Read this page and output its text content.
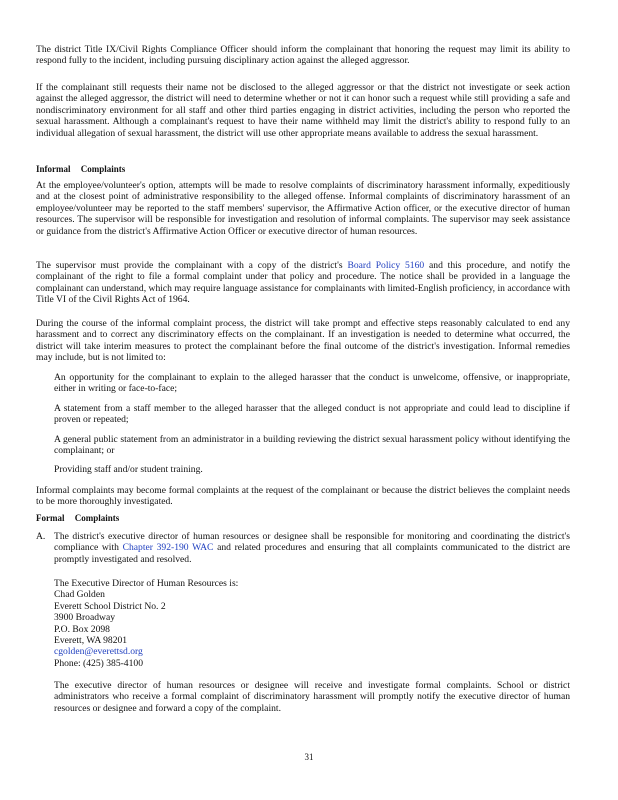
The district Title IX/Civil Rights Compliance Officer should inform the complainant that honoring the request may limit its ability to respond fully to the incident, including pursuing disciplinary action against the alleged aggressor.

If the complainant still requests their name not be disclosed to the alleged aggressor or that the district not investigate or seek action against the alleged aggressor, the district will need to determine whether or not it can honor such a request while still providing a safe and nondiscriminatory environment for all staff and other third parties engaging in district activities, including the person who reported the sexual harassment. Although a complainant's request to have their name withheld may limit the district's ability to respond fully to an individual allegation of sexual harassment, the district will use other appropriate means available to address the sexual harassment.

Informal Complaints

At the employee/volunteer's option, attempts will be made to resolve complaints of discriminatory harassment informally, expeditiously and at the closest point of administrative responsibility to the alleged offense. Informal complaints of discriminatory harassment of an employee/volunteer may be reported to the staff members' supervisor, the Affirmative Action officer, or the executive director of human resources. The supervisor will be responsible for investigation and resolution of informal complaints. The supervisor may seek assistance or guidance from the district's Affirmative Action Officer or executive director of human resources.

The supervisor must provide the complainant with a copy of the district's Board Policy 5160 and this procedure, and notify the complainant of the right to file a formal complaint under that policy and procedure. The notice shall be provided in a language the complainant can understand, which may require language assistance for complainants with limited-English proficiency, in accordance with Title VI of the Civil Rights Act of 1964.

During the course of the informal complaint process, the district will take prompt and effective steps reasonably calculated to end any harassment and to correct any discriminatory effects on the complainant. If an investigation is needed to determine what occurred, the district will take interim measures to protect the complainant before the final outcome of the district's investigation. Informal remedies may include, but is not limited to:

An opportunity for the complainant to explain to the alleged harasser that the conduct is unwelcome, offensive, or inappropriate, either in writing or face-to-face;
A statement from a staff member to the alleged harasser that the alleged conduct is not appropriate and could lead to discipline if proven or repeated;
A general public statement from an administrator in a building reviewing the district sexual harassment policy without identifying the complainant; or
Providing staff and/or student training.

Informal complaints may become formal complaints at the request of the complainant or because the district believes the complaint needs to be more thoroughly investigated.

Formal Complaints

A. The district's executive director of human resources or designee shall be responsible for monitoring and coordinating the district's compliance with Chapter 392-190 WAC and related procedures and ensuring that all complaints communicated to the district are promptly investigated and resolved.
The Executive Director of Human Resources is:
Chad Golden
Everett School District No. 2
3900 Broadway
P.O. Box 2098
Everett, WA 98201
cgolden@everettsd.org
Phone: (425) 385-4100

The executive director of human resources or designee will receive and investigate formal complaints. School or district administrators who receive a formal complaint of discriminatory harassment will promptly notify the executive director of human resources or designee and forward a copy of the complaint.

31
